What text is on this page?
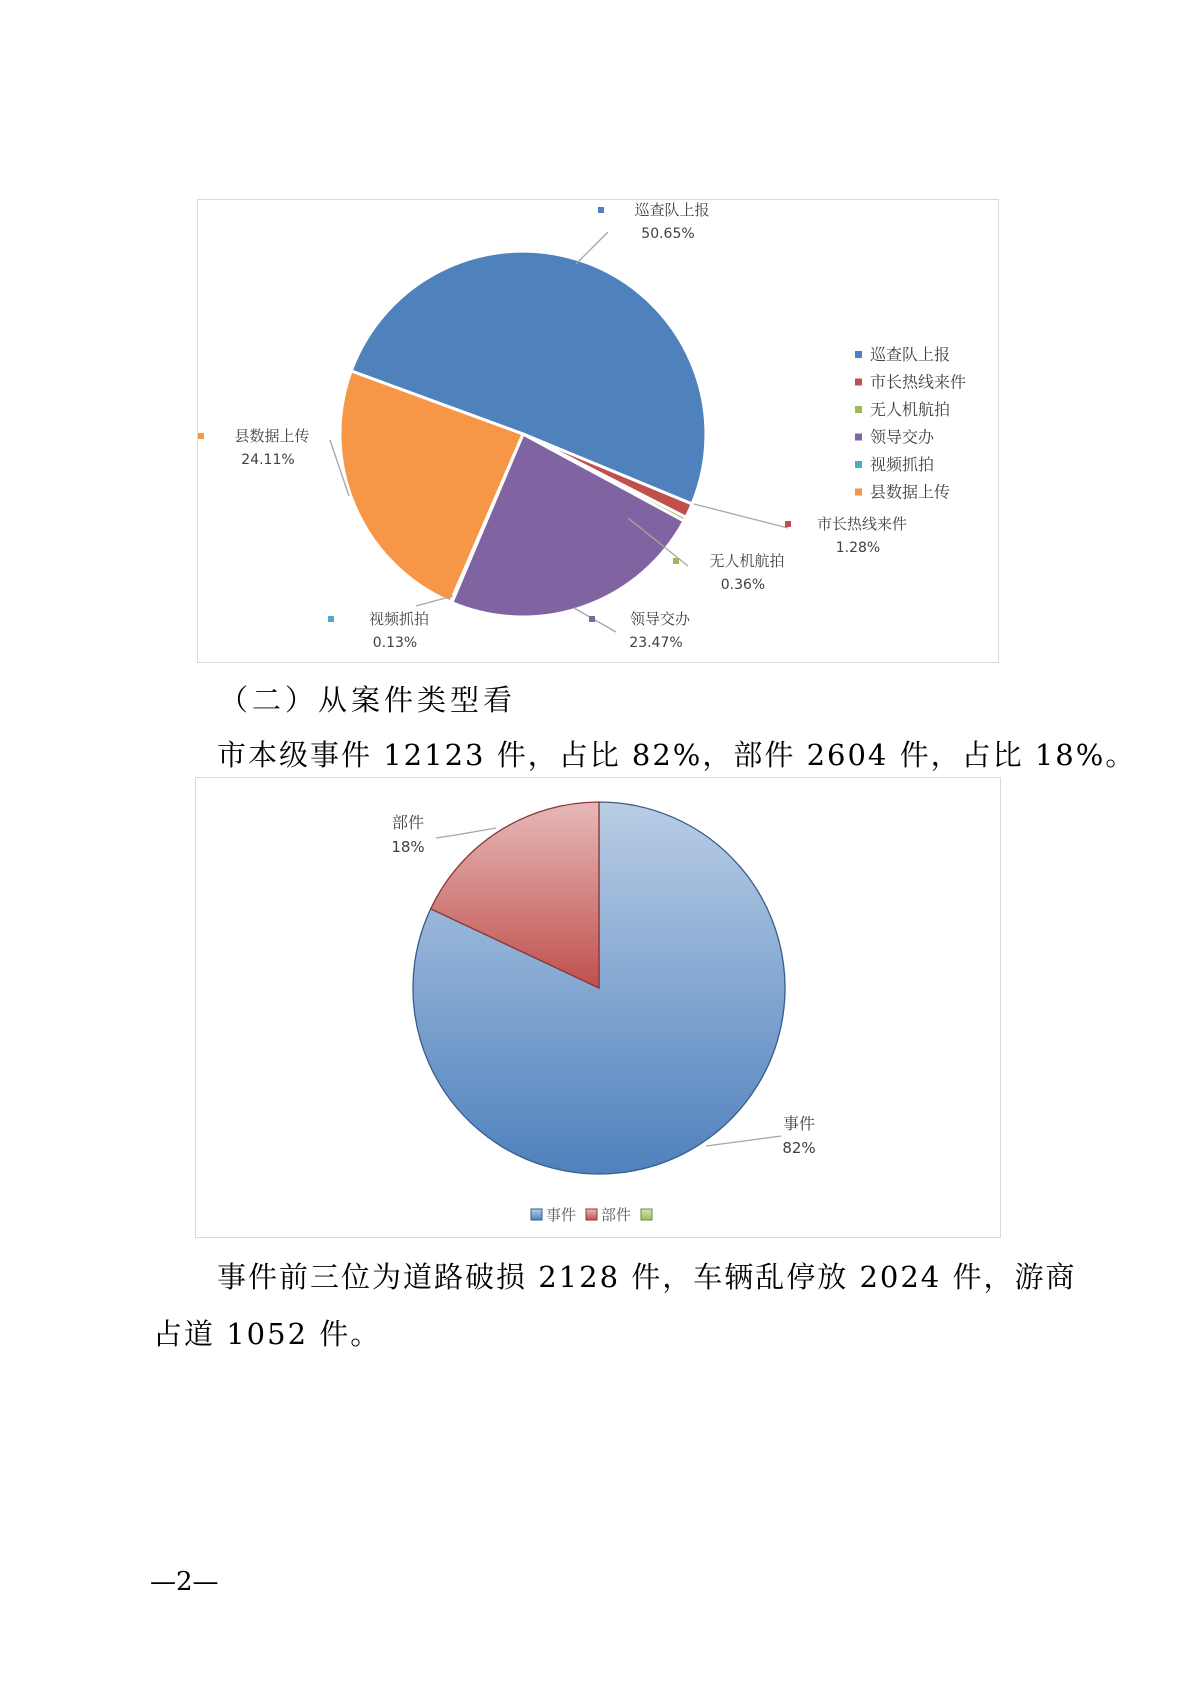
巡查队上报
50.65%
市长热线来件
1.28%
无人机航拍
0.36%
领导交办
23.47%
视频抓拍
0.13%
县数据上传
24.11%
巡查队上报
市长热线来件
无人机航拍
领导交办
视频抓拍
县数据上传
（二）从案件类型看
市本级事件 12123 件，占比 82%，部件 2604 件，占比 18%。
事件
82%
部件
18%
事件 部件
事件前三位为道路破损 2128 件，车辆乱停放 2024 件，游商
占道 1052 件。
—2—
